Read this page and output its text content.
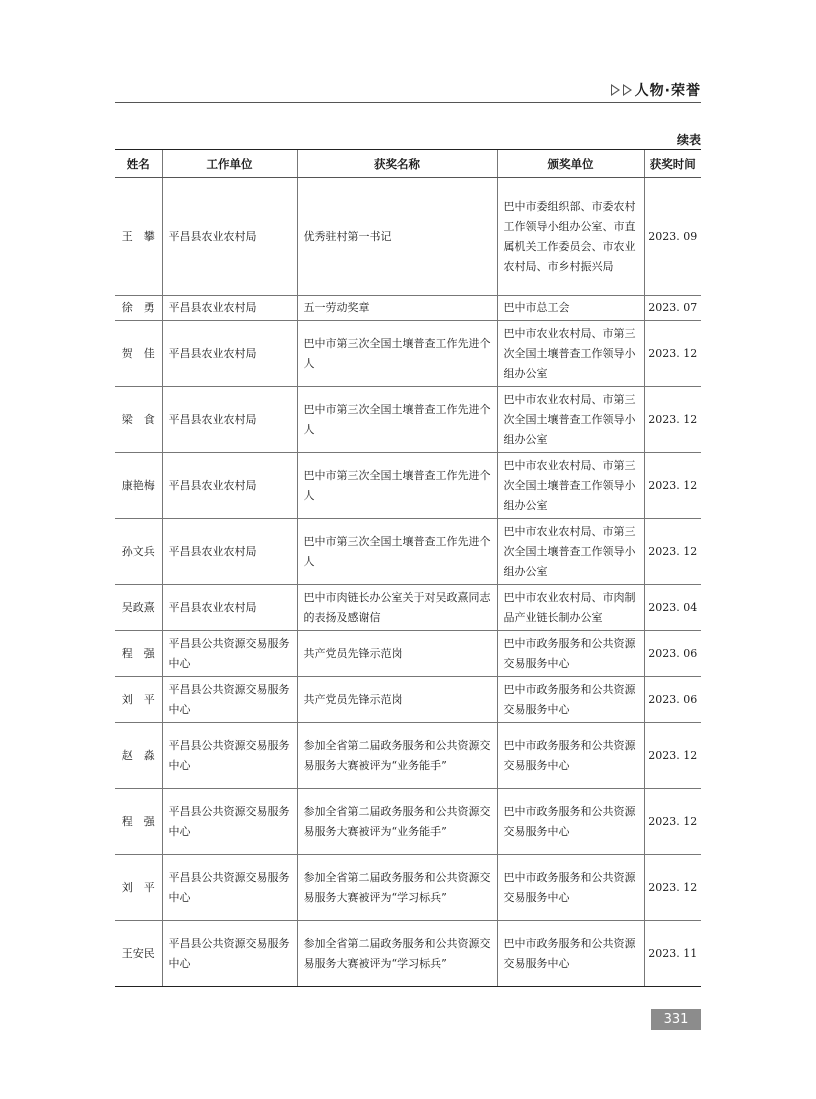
人物·荣誉
续表
姓名	工作单位	获奖名称	颁奖单位	获奖时间
王　攀	平昌县农业农村局	优秀驻村第一书记	巴中市委组织部、市委农村工作领导小组办公室、市直属机关工作委员会、市农业农村局、市乡村振兴局	2023. 09
徐　勇	平昌县农业农村局	五一劳动奖章	巴中市总工会	2023. 07
贺　佳	平昌县农业农村局	巴中市第三次全国土壤普查工作先进个人	巴中市农业农村局、市第三次全国土壤普查工作领导小组办公室	2023. 12
梁　食	平昌县农业农村局	巴中市第三次全国土壤普查工作先进个人	巴中市农业农村局、市第三次全国土壤普查工作领导小组办公室	2023. 12
康艳梅	平昌县农业农村局	巴中市第三次全国土壤普查工作先进个人	巴中市农业农村局、市第三次全国土壤普查工作领导小组办公室	2023. 12
孙文兵	平昌县农业农村局	巴中市第三次全国土壤普查工作先进个人	巴中市农业农村局、市第三次全国土壤普查工作领导小组办公室	2023. 12
吴政熹	平昌县农业农村局	巴中市肉链长办公室关于对吴政熹同志的表扬及感谢信	巴中市农业农村局、市肉制品产业链长制办公室	2023. 04
程　强	平昌县公共资源交易服务中心	共产党员先锋示范岗	巴中市政务服务和公共资源交易服务中心	2023. 06
刘　平	平昌县公共资源交易服务中心	共产党员先锋示范岗	巴中市政务服务和公共资源交易服务中心	2023. 06
赵　淼	平昌县公共资源交易服务中心	参加全省第二届政务服务和公共资源交易服务大赛被评为“业务能手”	巴中市政务服务和公共资源交易服务中心	2023. 12
程　强	平昌县公共资源交易服务中心	参加全省第二届政务服务和公共资源交易服务大赛被评为“业务能手”	巴中市政务服务和公共资源交易服务中心	2023. 12
刘　平	平昌县公共资源交易服务中心	参加全省第二届政务服务和公共资源交易服务大赛被评为“学习标兵”	巴中市政务服务和公共资源交易服务中心	2023. 12
王安民	平昌县公共资源交易服务中心	参加全省第二届政务服务和公共资源交易服务大赛被评为“学习标兵”	巴中市政务服务和公共资源交易服务中心	2023. 11
331
